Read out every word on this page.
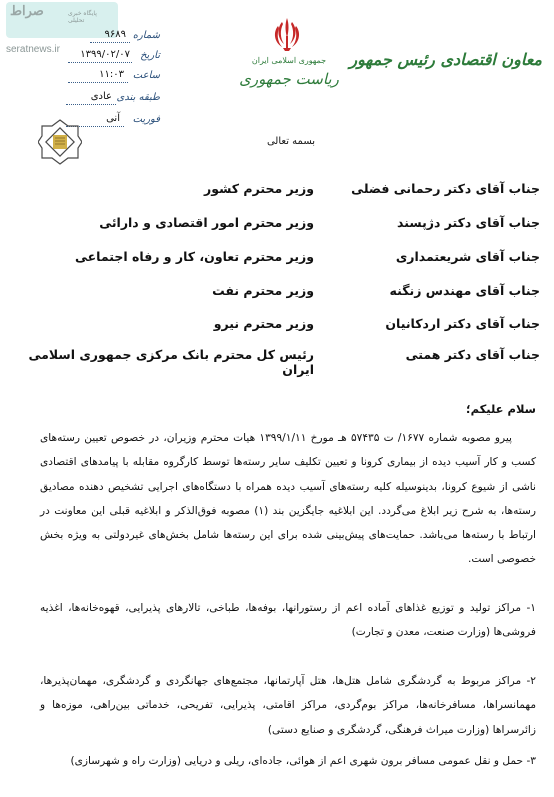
صراط	پایگاه خبری تحلیلی
seratnews.ir
شماره
۹۶۸۹
تاریخ
۱۳۹۹/۰۲/۰۷
ساعت
۱۱:۰۳
طبقه بندی
عادی
فوریت
آنی
جمهوری اسلامی ایران
ریاست جمهوری
معاون اقتصادی رئیس جمهور
بسمه تعالی
جناب آقای دکتر رحمانی فضلی
وزیر محترم کشور
جناب آقای دکتر دژپسند
وزیر محترم امور اقتصادی و دارائی
جناب آقای شریعتمداری
وزیر محترم تعاون، کار و رفاه اجتماعی
جناب آقای مهندس زنگنه
وزیر محترم نفت
جناب آقای دکتر اردکانیان
وزیر محترم نیرو
جناب آقای دکتر همتی
رئیس کل محترم بانک مرکزی جمهوری اسلامی ایران
سلام علیکم؛
پیرو مصوبه شماره ۱۶۷۷/ ت ۵۷۴۳۵ هـ مورخ ۱۳۹۹/۱/۱۱ هیات محترم وزیران، در خصوص تعیین رسته‌های کسب و کار آسیب دیده از بیماری کرونا و تعیین تکلیف سایر رسته‌ها توسط کارگروه مقابله با پیامدهای اقتصادی ناشی از شیوع کرونا، بدینوسیله کلیه رسته‌های آسیب دیده همراه با دستگاه‌های اجرایی تشخیص دهنده مصادیق رسته‌ها، به شرح زیر ابلاغ می‌گردد. این ابلاغیه جایگزین بند (۱) مصوبه فوق‌الذکر و ابلاغیه قبلی این معاونت در ارتباط با رسته‌ها می‌باشد. حمایت‌های پیش‌بینی شده برای این رسته‌ها شامل بخش‌های غیردولتی به ویژه بخش خصوصی است.
۱- مراکز تولید و توزیع غذاهای آماده اعم از رستورانها، بوفه‌ها، طباخی، تالارهای پذیرایی، قهوه‌خانه‌ها، اغذیه فروشی‌ها (وزارت صنعت، معدن و تجارت)
۲- مراکز مربوط به گردشگری شامل هتل‌ها، هتل آپارتمانها، مجتمع‌های جهانگردی و گردشگری، مهمان‌پذیرها، مهمانسراها، مسافرخانه‌ها، مراکز بوم‌گردی، مراکز اقامتی، پذیرایی، تفریحی، خدماتی بین‌راهی، موزه‌ها و زائرسراها (وزارت میراث فرهنگی، گردشگری و صنایع دستی)
۳- حمل و نقل عمومی مسافر برون شهری اعم از هوائی، جاده‌ای، ریلی و دریایی (وزارت راه و شهرسازی)
